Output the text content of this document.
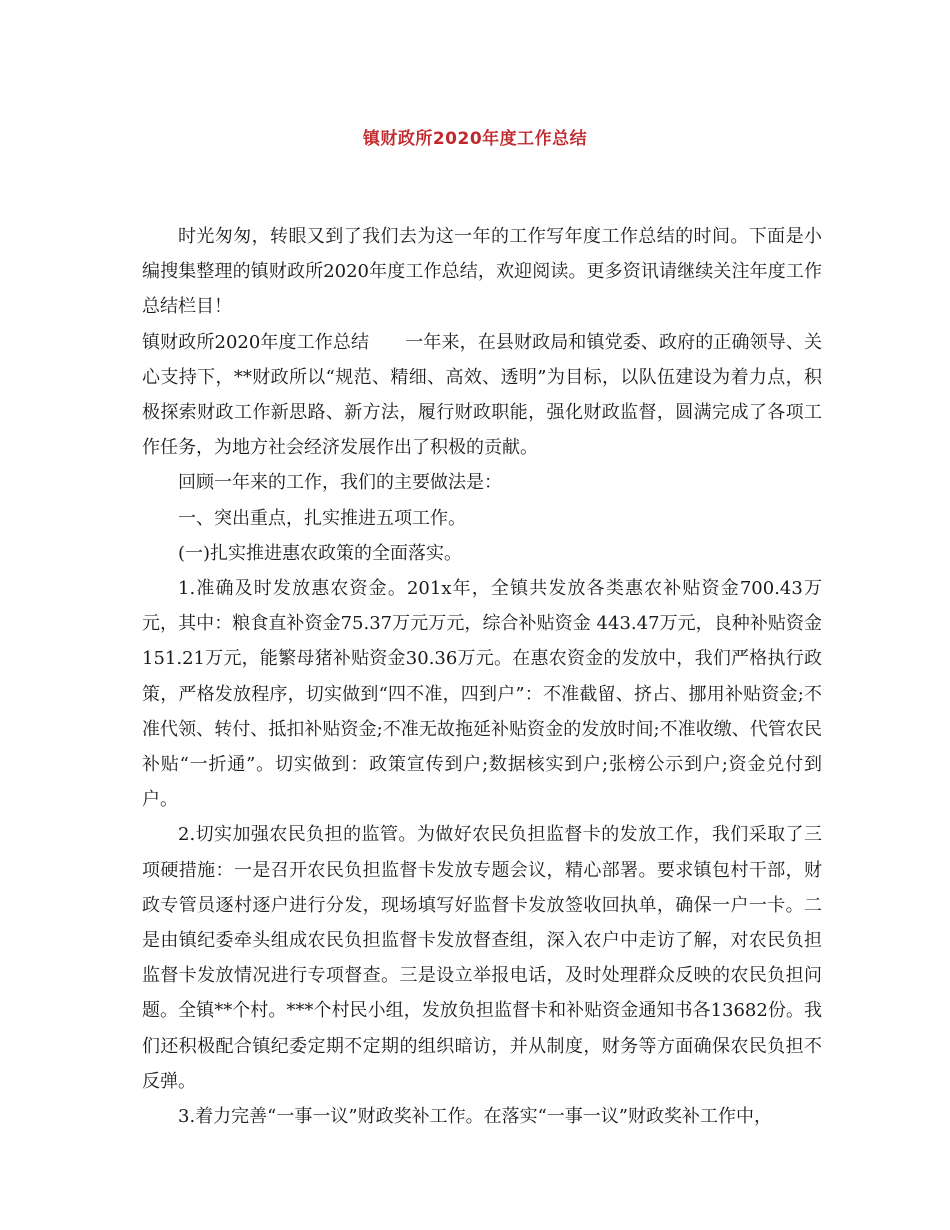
镇财政所2020年度工作总结

时光匆匆，转眼又到了我们去为这一年的工作写年度工作总结的时间。下面是小编搜集整理的镇财政所2020年度工作总结，欢迎阅读。更多资讯请继续关注年度工作总结栏目！

镇财政所2020年度工作总结 一年来，在县财政局和镇党委、政府的正确领导、关心支持下，**财政所以“规范、精细、高效、透明”为目标，以队伍建设为着力点，积极探索财政工作新思路、新方法，履行财政职能，强化财政监督，圆满完成了各项工作任务，为地方社会经济发展作出了积极的贡献。

回顾一年来的工作，我们的主要做法是：

一、突出重点，扎实推进五项工作。

(一)扎实推进惠农政策的全面落实。

1.准确及时发放惠农资金。201x年，全镇共发放各类惠农补贴资金700.43万元，其中：粮食直补资金75.37万元万元，综合补贴资金 443.47万元，良种补贴资金151.21万元，能繁母猪补贴资金30.36万元。在惠农资金的发放中，我们严格执行政策，严格发放程序，切实做到“四不准，四到户”：不准截留、挤占、挪用补贴资金;不准代领、转付、抵扣补贴资金;不准无故拖延补贴资金的发放时间;不准收缴、代管农民补贴“一折通”。切实做到：政策宣传到户;数据核实到户;张榜公示到户;资金兑付到户。

2.切实加强农民负担的监管。为做好农民负担监督卡的发放工作，我们采取了三项硬措施：一是召开农民负担监督卡发放专题会议，精心部署。要求镇包村干部，财政专管员逐村逐户进行分发，现场填写好监督卡发放签收回执单，确保一户一卡。二是由镇纪委牵头组成农民负担监督卡发放督查组，深入农户中走访了解，对农民负担监督卡发放情况进行专项督查。三是设立举报电话，及时处理群众反映的农民负担问题。全镇**个村。***个村民小组，发放负担监督卡和补贴资金通知书各13682份。我们还积极配合镇纪委定期不定期的组织暗访，并从制度，财务等方面确保农民负担不反弹。

3.着力完善“一事一议”财政奖补工作。在落实“一事一议”财政奖补工作中，
